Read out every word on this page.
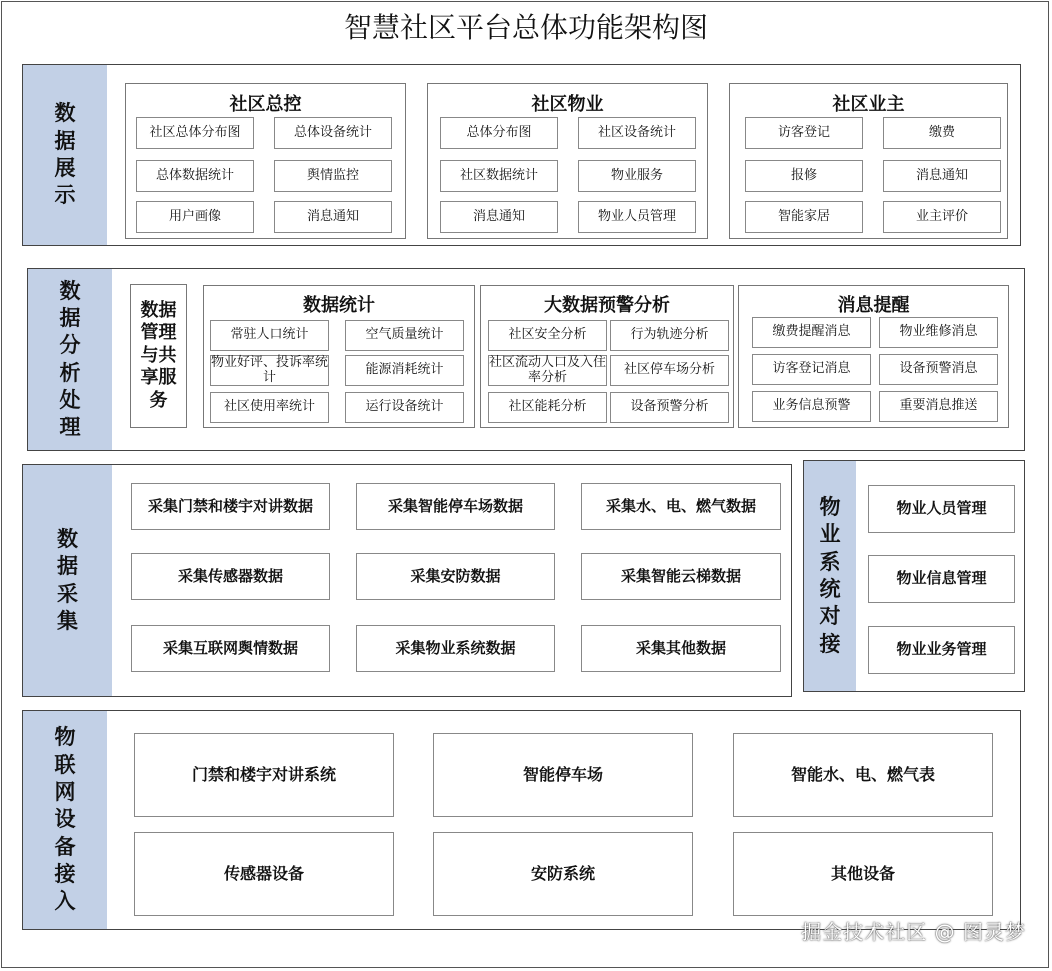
智慧社区平台总体功能架构图
数据展示
社区总控
社区总体分布图	总体设备统计
总体数据统计	舆情监控
用户画像	消息通知
社区物业
总体分布图	社区设备统计
社区数据统计	物业服务
消息通知	物业人员管理
社区业主
访客登记	缴费
报修	消息通知
智能家居	业主评价
数据分析处理
数据管理与共享服务
数据统计
常驻人口统计	空气质量统计
物业好评、投诉率统计	能源消耗统计
社区使用率统计	运行设备统计
大数据预警分析
社区安全分析	行为轨迹分析
社区流动人口及入住率分析	社区停车场分析
社区能耗分析	设备预警分析
消息提醒
缴费提醒消息	物业维修消息
访客登记消息	设备预警消息
业务信息预警	重要消息推送
数据采集
采集门禁和楼宇对讲数据	采集智能停车场数据	采集水、电、燃气数据
采集传感器数据	采集安防数据	采集智能云梯数据
采集互联网舆情数据	采集物业系统数据	采集其他数据
物业系统对接
物业人员管理
物业信息管理
物业业务管理
物联网设备接入
门禁和楼宇对讲系统	智能停车场	智能水、电、燃气表
传感器设备	安防系统	其他设备
掘金技术社区 @ 图灵梦
